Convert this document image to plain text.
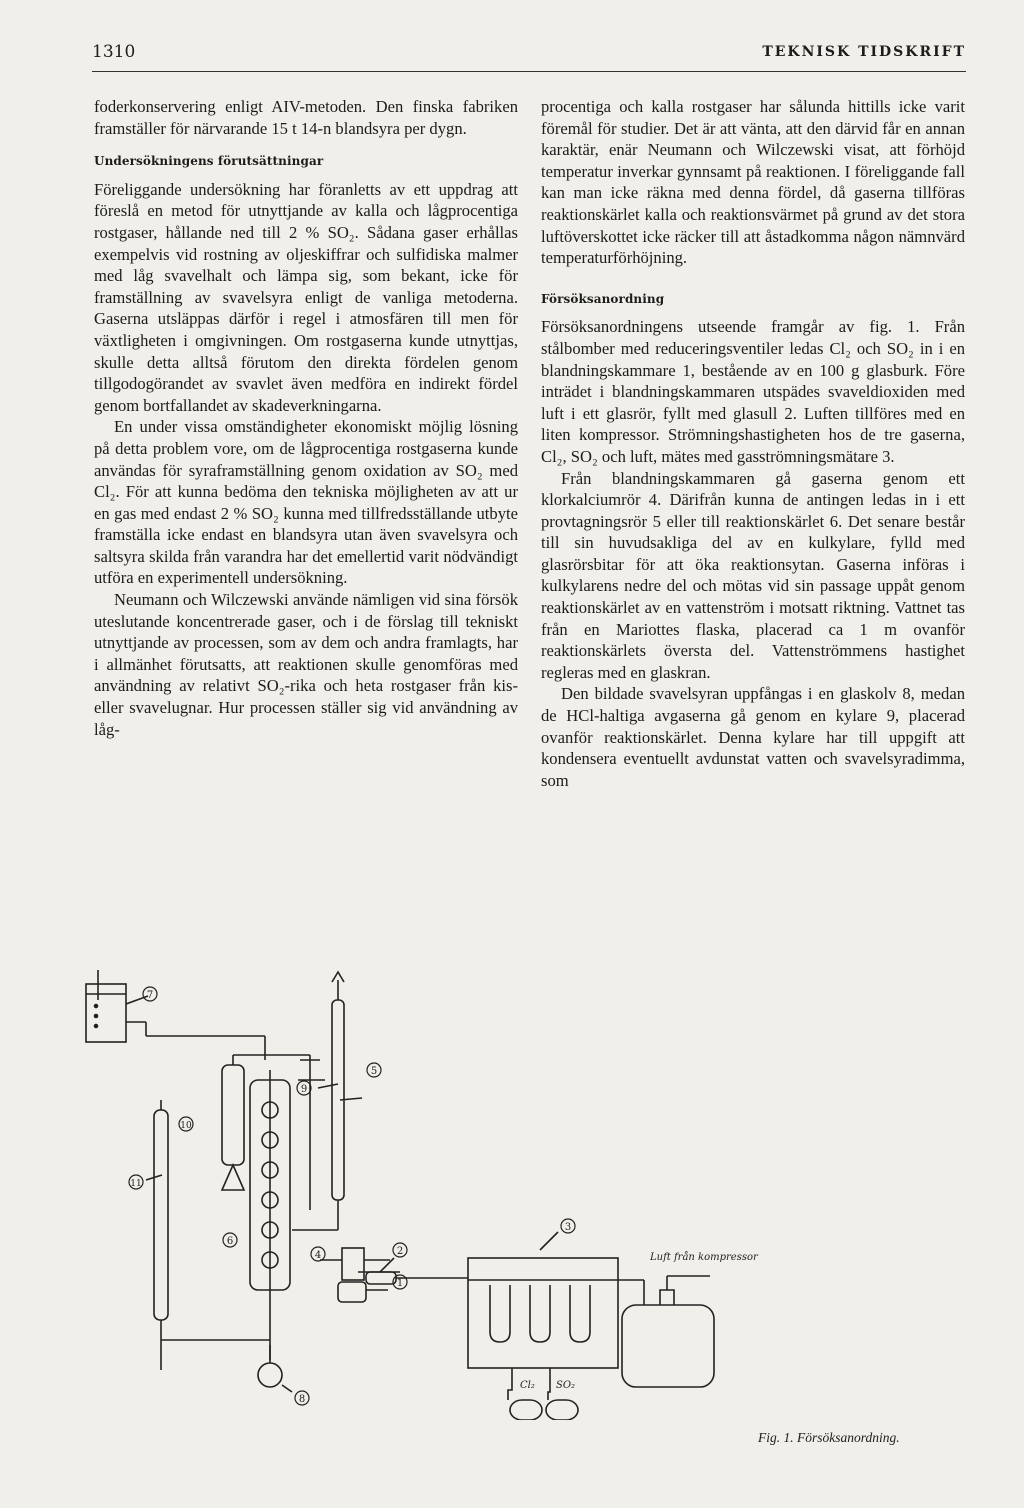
1310	TEKNISK TIDSKRIFT

foderkonservering enligt AIV-metoden. Den finska fabriken framställer för närvarande 15 t 14-n blandsyra per dygn.

Undersökningens förutsättningar

Föreliggande undersökning har föranletts av ett uppdrag att föreslå en metod för utnyttjande av kalla och lågprocentiga rostgaser, hållande ned till 2 % SO₂. Sådana gaser erhållas exempelvis vid rostning av oljeskiffrar och sulfidiska malmer med låg svavelhalt och lämpa sig, som bekant, icke för framställning av svavelsyra enligt de vanliga metoderna. Gaserna utsläppas därför i regel i atmosfären till men för växtligheten i omgivningen. Om rostgaserna kunde utnyttjas, skulle detta alltså förutom den direkta fördelen genom tillgodogörandet av svavlet även medföra en indirekt fördel genom bortfallandet av skadeverkningarna.

En under vissa omständigheter ekonomiskt möjlig lösning på detta problem vore, om de lågprocentiga rostgaserna kunde användas för syraframställning genom oxidation av SO₂ med Cl₂. För att kunna bedöma den tekniska möjligheten av att ur en gas med endast 2 % SO₂ kunna med tillfredsställande utbyte framställa icke endast en blandsyra utan även svavelsyra och saltsyra skilda från varandra har det emellertid varit nödvändigt utföra en experimentell undersökning.

Neumann och Wilczewski använde nämligen vid sina försök uteslutande koncentrerade gaser, och i de förslag till tekniskt utnyttjande av processen, som av dem och andra framlagts, har i allmänhet förutsatts, att reaktionen skulle genomföras med användning av relativt SO₂-rika och heta rostgaser från kis- eller svavelugnar. Hur processen ställer sig vid användning av låg-

procentiga och kalla rostgaser har sålunda hittills icke varit föremål för studier. Det är att vänta, att den därvid får en annan karaktär, enär Neumann och Wilczewski visat, att förhöjd temperatur inverkar gynnsamt på reaktionen. I föreliggande fall kan man icke räkna med denna fördel, då gaserna tillföras reaktionskärlet kalla och reaktionsvärmet på grund av det stora luftöverskottet icke räcker till att åstadkomma någon nämnvärd temperaturförhöjning.

Försöksanordning

Försöksanordningens utseende framgår av fig. 1. Från stålbomber med reduceringsventiler ledas Cl₂ och SO₂ in i en blandningskammare 1, bestående av en 100 g glasburk. Före inträdet i blandningskammaren utspädes svaveldioxiden med luft i ett glasrör, fyllt med glasull 2. Luften tillföres med en liten kompressor. Strömningshastigheten hos de tre gaserna, Cl₂, SO₂ och luft, mätes med gasströmningsmätare 3.

Från blandningskammaren gå gaserna genom ett klorkalciumrör 4. Därifrån kunna de antingen ledas in i ett provtagningsrör 5 eller till reaktionskärlet 6. Det senare består till sin huvudsakliga del av en kulkylare, fylld med glasrörsbitar för att öka reaktionsytan. Gaserna införas i kulkylarens nedre del och mötas vid sin passage uppåt genom reaktionskärlet av en vattenström i motsatt riktning. Vattnet tas från en Mariottes flaska, placerad ca 1 m ovanför reaktionskärlets översta del. Vattenströmmens hastighet regleras med en glaskran.

Den bildade svavelsyran uppfångas i en glaskolv 8, medan de HCl-haltiga avgaserna gå genom en kylare 9, placerad ovanför reaktionskärlet. Denna kylare har till uppgift att kondensera eventuellt avdunstat vatten och svavelsyradimma, som

7
10
11
6
8
9
5
4	2
1
3
Luft från kompressor
Cl₂ SO₂
Fig. 1. Försöksanordning.
